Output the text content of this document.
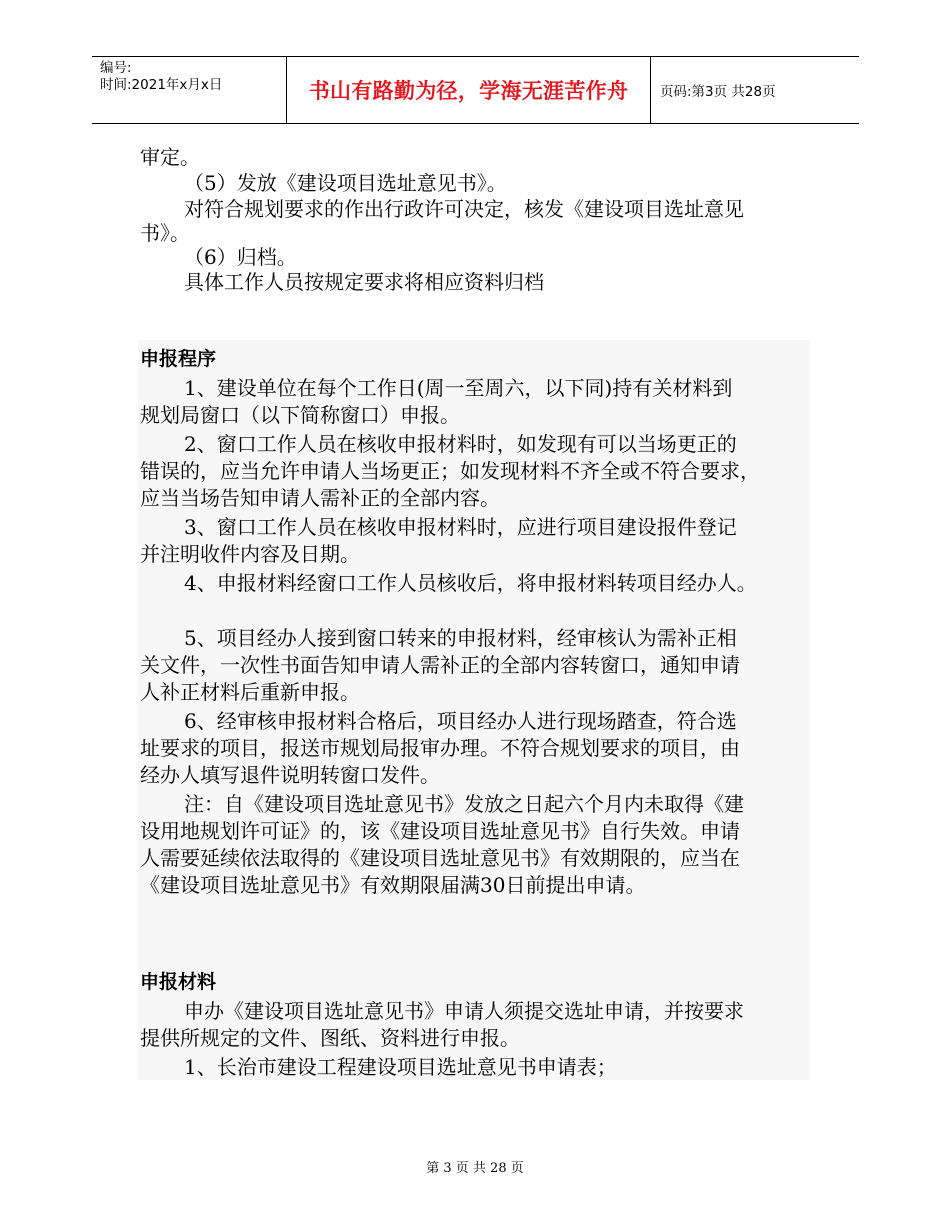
编号:
时间:2021年x月x日	书山有路勤为径，学海无涯苦作舟	页码:第3页 共28页
审定。
（5）发放《建设项目选址意见书》。
对符合规划要求的作出行政许可决定，核发《建设项目选址意见
书》。
（6）归档。
具体工作人员按规定要求将相应资料归档
申报程序
1、建设单位在每个工作日(周一至周六，以下同)持有关材料到
规划局窗口（以下简称窗口）申报。
2、窗口工作人员在核收申报材料时，如发现有可以当场更正的
错误的，应当允许申请人当场更正；如发现材料不齐全或不符合要求，
应当当场告知申请人需补正的全部内容。
3、窗口工作人员在核收申报材料时，应进行项目建设报件登记
并注明收件内容及日期。
4、申报材料经窗口工作人员核收后，将申报材料转项目经办人。
5、项目经办人接到窗口转来的申报材料，经审核认为需补正相
关文件，一次性书面告知申请人需补正的全部内容转窗口，通知申请
人补正材料后重新申报。
6、经审核申报材料合格后，项目经办人进行现场踏查，符合选
址要求的项目，报送市规划局报审办理。不符合规划要求的项目，由
经办人填写退件说明转窗口发件。
注：自《建设项目选址意见书》发放之日起六个月内未取得《建
设用地规划许可证》的，该《建设项目选址意见书》自行失效。申请
人需要延续依法取得的《建设项目选址意见书》有效期限的，应当在
《建设项目选址意见书》有效期限届满30日前提出申请。
申报材料
申办《建设项目选址意见书》申请人须提交选址申请，并按要求
提供所规定的文件、图纸、资料进行申报。
1、长治市建设工程建设项目选址意见书申请表；
第 3 页 共 28 页
